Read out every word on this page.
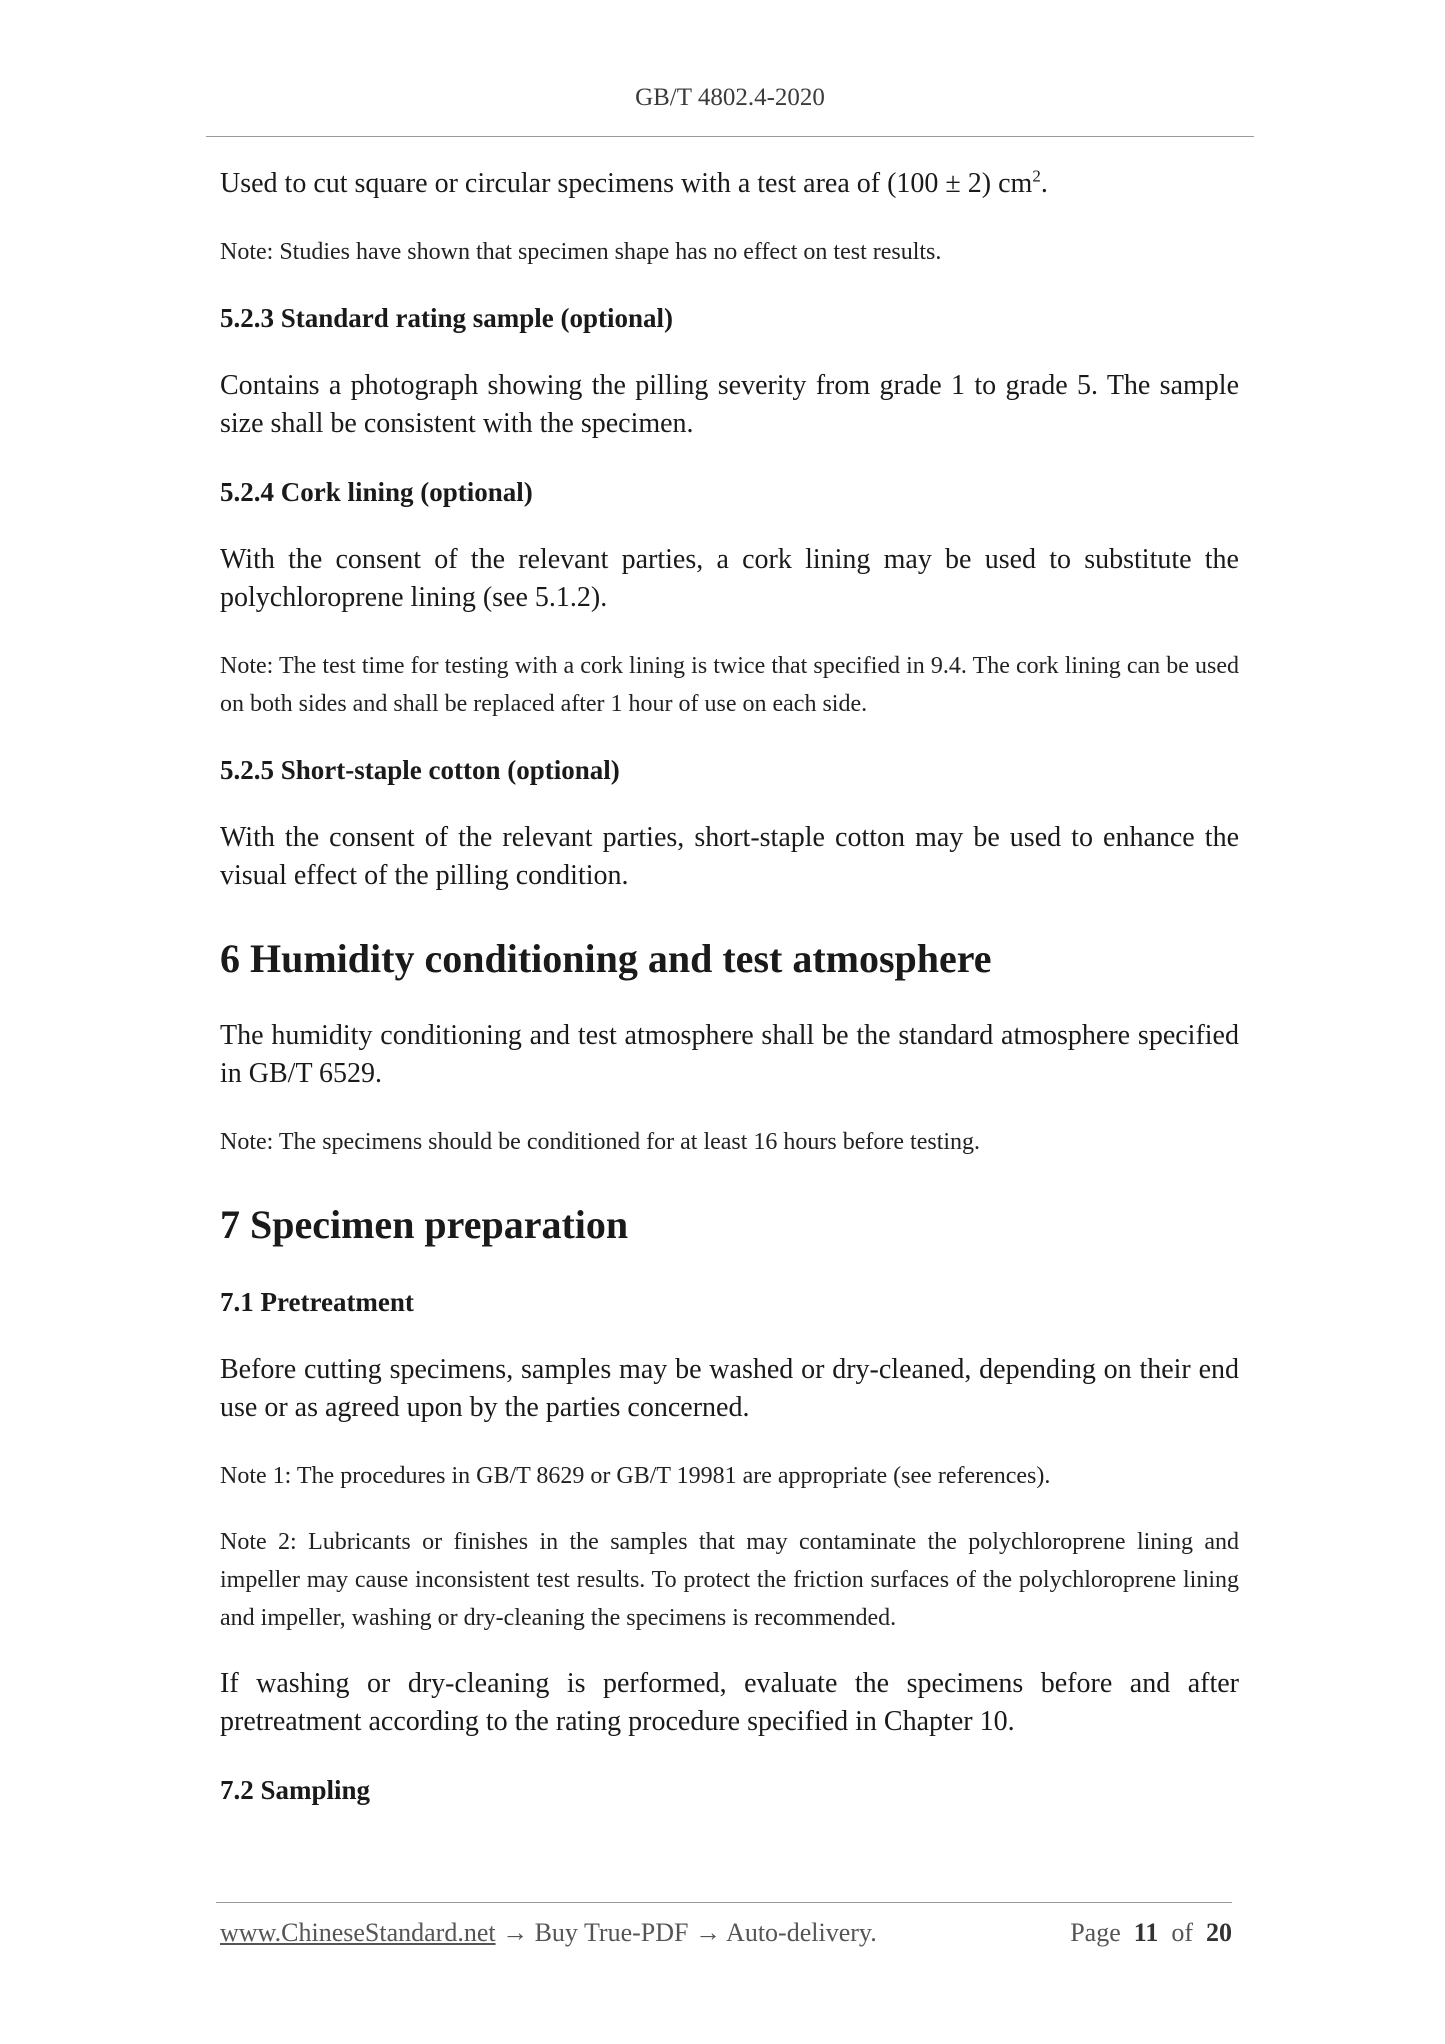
GB/T 4802.4-2020

Used to cut square or circular specimens with a test area of (100 ± 2) $cm^2$.

Note: Studies have shown that specimen shape has no effect on test results.

5.2.3 Standard rating sample (optional)

Contains a photograph showing the pilling severity from grade 1 to grade 5. The sample size shall be consistent with the specimen.

5.2.4 Cork lining (optional)

With the consent of the relevant parties, a cork lining may be used to substitute the polychloroprene lining (see 5.1.2).

Note: The test time for testing with a cork lining is twice that specified in 9.4. The cork lining can be used on both sides and shall be replaced after 1 hour of use on each side.

5.2.5 Short-staple cotton (optional)

With the consent of the relevant parties, short-staple cotton may be used to enhance the visual effect of the pilling condition.

6 Humidity conditioning and test atmosphere

The humidity conditioning and test atmosphere shall be the standard atmosphere specified in GB/T 6529.

Note: The specimens should be conditioned for at least 16 hours before testing.

7 Specimen preparation
7.1 Pretreatment

Before cutting specimens, samples may be washed or dry-cleaned, depending on their end use or as agreed upon by the parties concerned.

Note 1: The procedures in GB/T 8629 or GB/T 19981 are appropriate (see references).

Note 2: Lubricants or finishes in the samples that may contaminate the polychloroprene lining and impeller may cause inconsistent test results. To protect the friction surfaces of the polychloroprene lining and impeller, washing or dry-cleaning the specimens is recommended.

If washing or dry-cleaning is performed, evaluate the specimens before and after pretreatment according to the rating procedure specified in Chapter 10.

7.2 Sampling
www.ChineseStandard.net → Buy True-PDF → Auto-delivery.	Page 11 of 20
